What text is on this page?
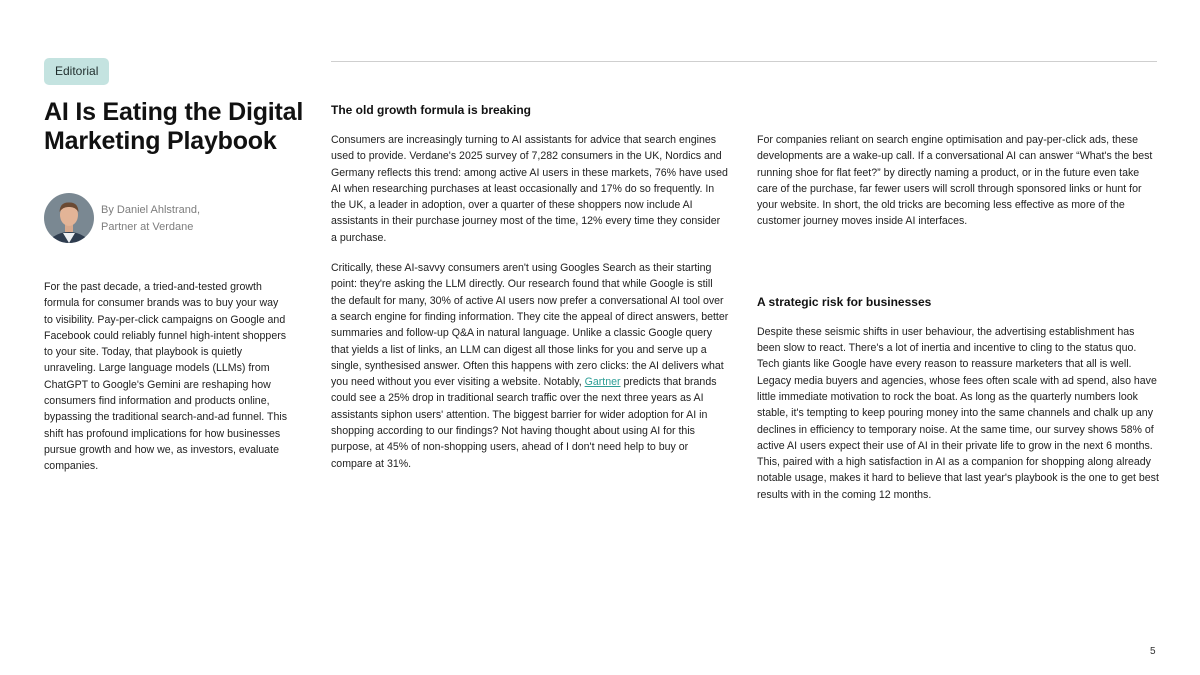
Editorial
AI Is Eating the Digital Marketing Playbook
By Daniel Ahlstrand,
Partner at Verdane

For the past decade, a tried-and-tested growth formula for consumer brands was to buy your way to visibility. Pay-per-click campaigns on Google and Facebook could reliably funnel high-intent shoppers to your site. Today, that playbook is quietly unraveling. Large language models (LLMs) from ChatGPT to Google's Gemini are reshaping how consumers find information and products online, bypassing the traditional search-and-ad funnel. This shift has profound implications for how businesses pursue growth and how we, as investors, evaluate companies.

The old growth formula is breaking

Consumers are increasingly turning to AI assistants for advice that search engines used to provide. Verdane's 2025 survey of 7,282 consumers in the UK, Nordics and Germany reflects this trend: among active AI users in these markets, 76% have used AI when researching purchases at least occasionally and 17% do so frequently. In the UK, a leader in adoption, over a quarter of these shoppers now include AI assistants in their purchase journey most of the time, 12% every time they consider a purchase.

Critically, these AI-savvy consumers aren't using Googles Search as their starting point: they're asking the LLM directly. Our research found that while Google is still the default for many, 30% of active AI users now prefer a conversational AI tool over a search engine for finding information. They cite the appeal of direct answers, better summaries and follow-up Q&A in natural language. Unlike a classic Google query that yields a list of links, an LLM can digest all those links for you and serve up a single, synthesised answer. Often this happens with zero clicks: the AI delivers what you need without you ever visiting a website. Notably, Gartner predicts that brands could see a 25% drop in traditional search traffic over the next three years as AI assistants siphon users' attention. The biggest barrier for wider adoption for AI in shopping according to our findings? Not having thought about using AI for this purpose, at 45% of non-shopping users, ahead of I don't need help to buy or compare at 31%.

For companies reliant on search engine optimisation and pay-per-click ads, these developments are a wake-up call. If a conversational AI can answer “What's the best running shoe for flat feet?” by directly naming a product, or in the future even take care of the purchase, far fewer users will scroll through sponsored links or hunt for your website. In short, the old tricks are becoming less effective as more of the customer journey moves inside AI interfaces.

A strategic risk for businesses

Despite these seismic shifts in user behaviour, the advertising establishment has been slow to react. There's a lot of inertia and incentive to cling to the status quo. Tech giants like Google have every reason to reassure marketers that all is well. Legacy media buyers and agencies, whose fees often scale with ad spend, also have little immediate motivation to rock the boat. As long as the quarterly numbers look stable, it's tempting to keep pouring money into the same channels and chalk up any declines in efficiency to temporary noise. At the same time, our survey shows 58% of active AI users expect their use of AI in their private life to grow in the next 6 months. This, paired with a high satisfaction in AI as a companion for shopping along already notable usage, makes it hard to believe that last year's playbook is the one to get best results with in the coming 12 months.

5
